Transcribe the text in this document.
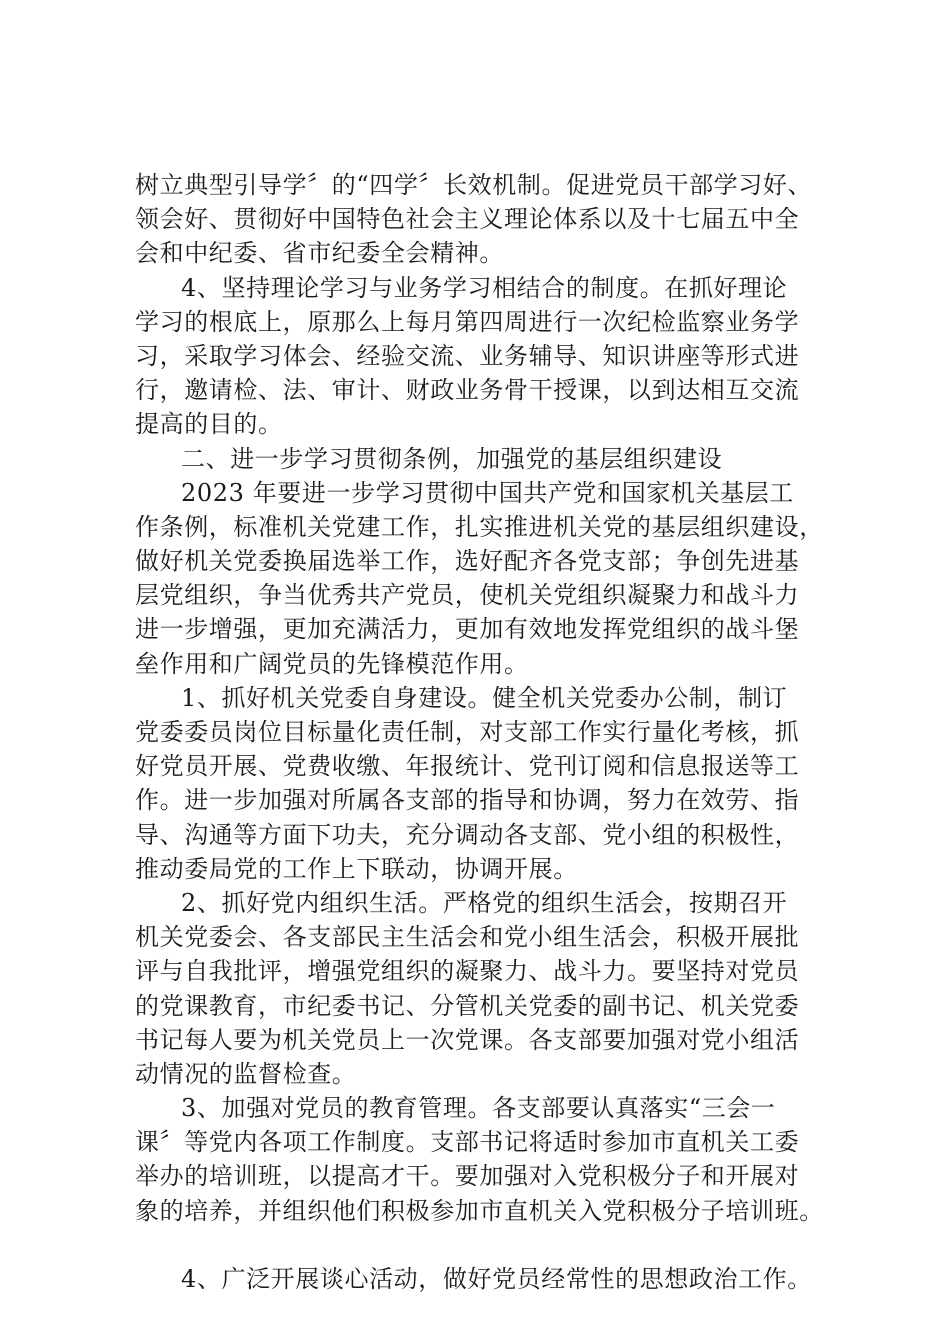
树立典型引导学〞的“四学〞长效机制。促进党员干部学习好、
领会好、贯彻好中国特色社会主义理论体系以及十七届五中全
会和中纪委、省市纪委全会精神。
4、坚持理论学习与业务学习相结合的制度。在抓好理论
学习的根底上，原那么上每月第四周进行一次纪检监察业务学
习，采取学习体会、经验交流、业务辅导、知识讲座等形式进
行，邀请检、法、审计、财政业务骨干授课，以到达相互交流
提高的目的。
二、进一步学习贯彻条例，加强党的基层组织建设
2023 年要进一步学习贯彻中国共产党和国家机关基层工
作条例，标准机关党建工作，扎实推进机关党的基层组织建设，
做好机关党委换届选举工作，选好配齐各党支部；争创先进基
层党组织，争当优秀共产党员，使机关党组织凝聚力和战斗力
进一步增强，更加充满活力，更加有效地发挥党组织的战斗堡
垒作用和广阔党员的先锋模范作用。
1、抓好机关党委自身建设。健全机关党委办公制，制订
党委委员岗位目标量化责任制，对支部工作实行量化考核，抓
好党员开展、党费收缴、年报统计、党刊订阅和信息报送等工
作。进一步加强对所属各支部的指导和协调，努力在效劳、指
导、沟通等方面下功夫，充分调动各支部、党小组的积极性，
推动委局党的工作上下联动，协调开展。
2、抓好党内组织生活。严格党的组织生活会，按期召开
机关党委会、各支部民主生活会和党小组生活会，积极开展批
评与自我批评，增强党组织的凝聚力、战斗力。要坚持对党员
的党课教育，市纪委书记、分管机关党委的副书记、机关党委
书记每人要为机关党员上一次党课。各支部要加强对党小组活
动情况的监督检查。
3、加强对党员的教育管理。各支部要认真落实“三会一
课〞等党内各项工作制度。支部书记将适时参加市直机关工委
举办的培训班，以提高才干。要加强对入党积极分子和开展对
象的培养，并组织他们积极参加市直机关入党积极分子培训班。
4、广泛开展谈心活动，做好党员经常性的思想政治工作。
